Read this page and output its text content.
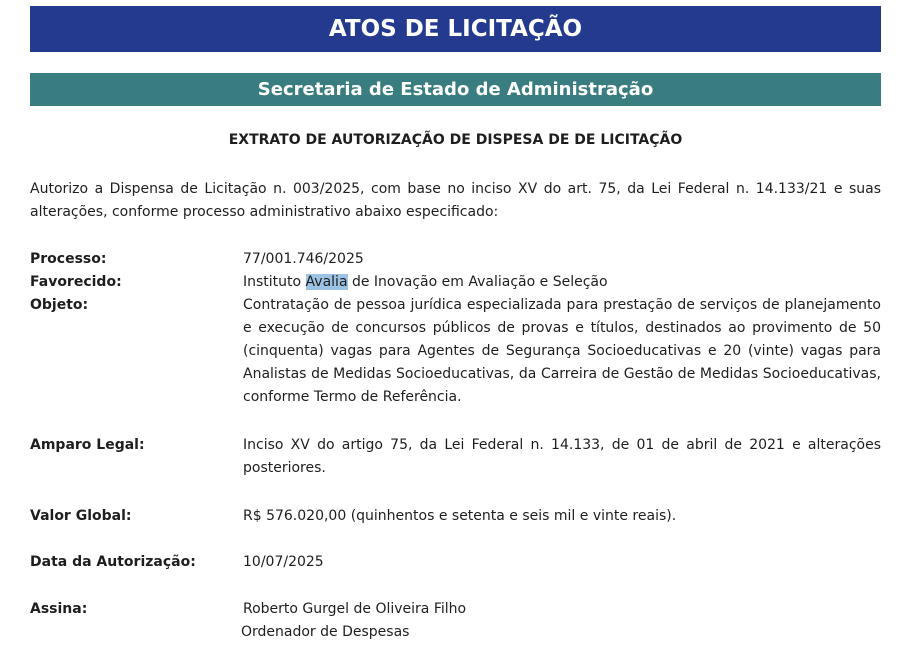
ATOS DE LICITAÇÃO
Secretaria de Estado de Administração
EXTRATO DE AUTORIZAÇÃO DE DISPESA DE DE LICITAÇÃO
Autorizo a Dispensa de Licitação n. 003/2025, com base no inciso XV do art. 75, da Lei Federal n. 14.133/21 e suas alterações, conforme processo administrativo abaixo especificado:
Processo:	77/001.746/2025
Favorecido:	Instituto Avalia de Inovação em Avaliação e Seleção
Objeto:	Contratação de pessoa jurídica especializada para prestação de serviços de planejamento e execução de concursos públicos de provas e títulos, destinados ao provimento de 50 (cinquenta) vagas para Agentes de Segurança Socioeducativas e 20 (vinte) vagas para Analistas de Medidas Socioeducativas, da Carreira de Gestão de Medidas Socioeducativas, conforme Termo de Referência.
Amparo Legal:	Inciso XV do artigo 75, da Lei Federal n. 14.133, de 01 de abril de 2021 e alterações posteriores.
Valor Global:	R$ 576.020,00 (quinhentos e setenta e seis mil e vinte reais).
Data da Autorização:	10/07/2025
Assina:	Roberto Gurgel de Oliveira Filho
Ordenador de Despesas
